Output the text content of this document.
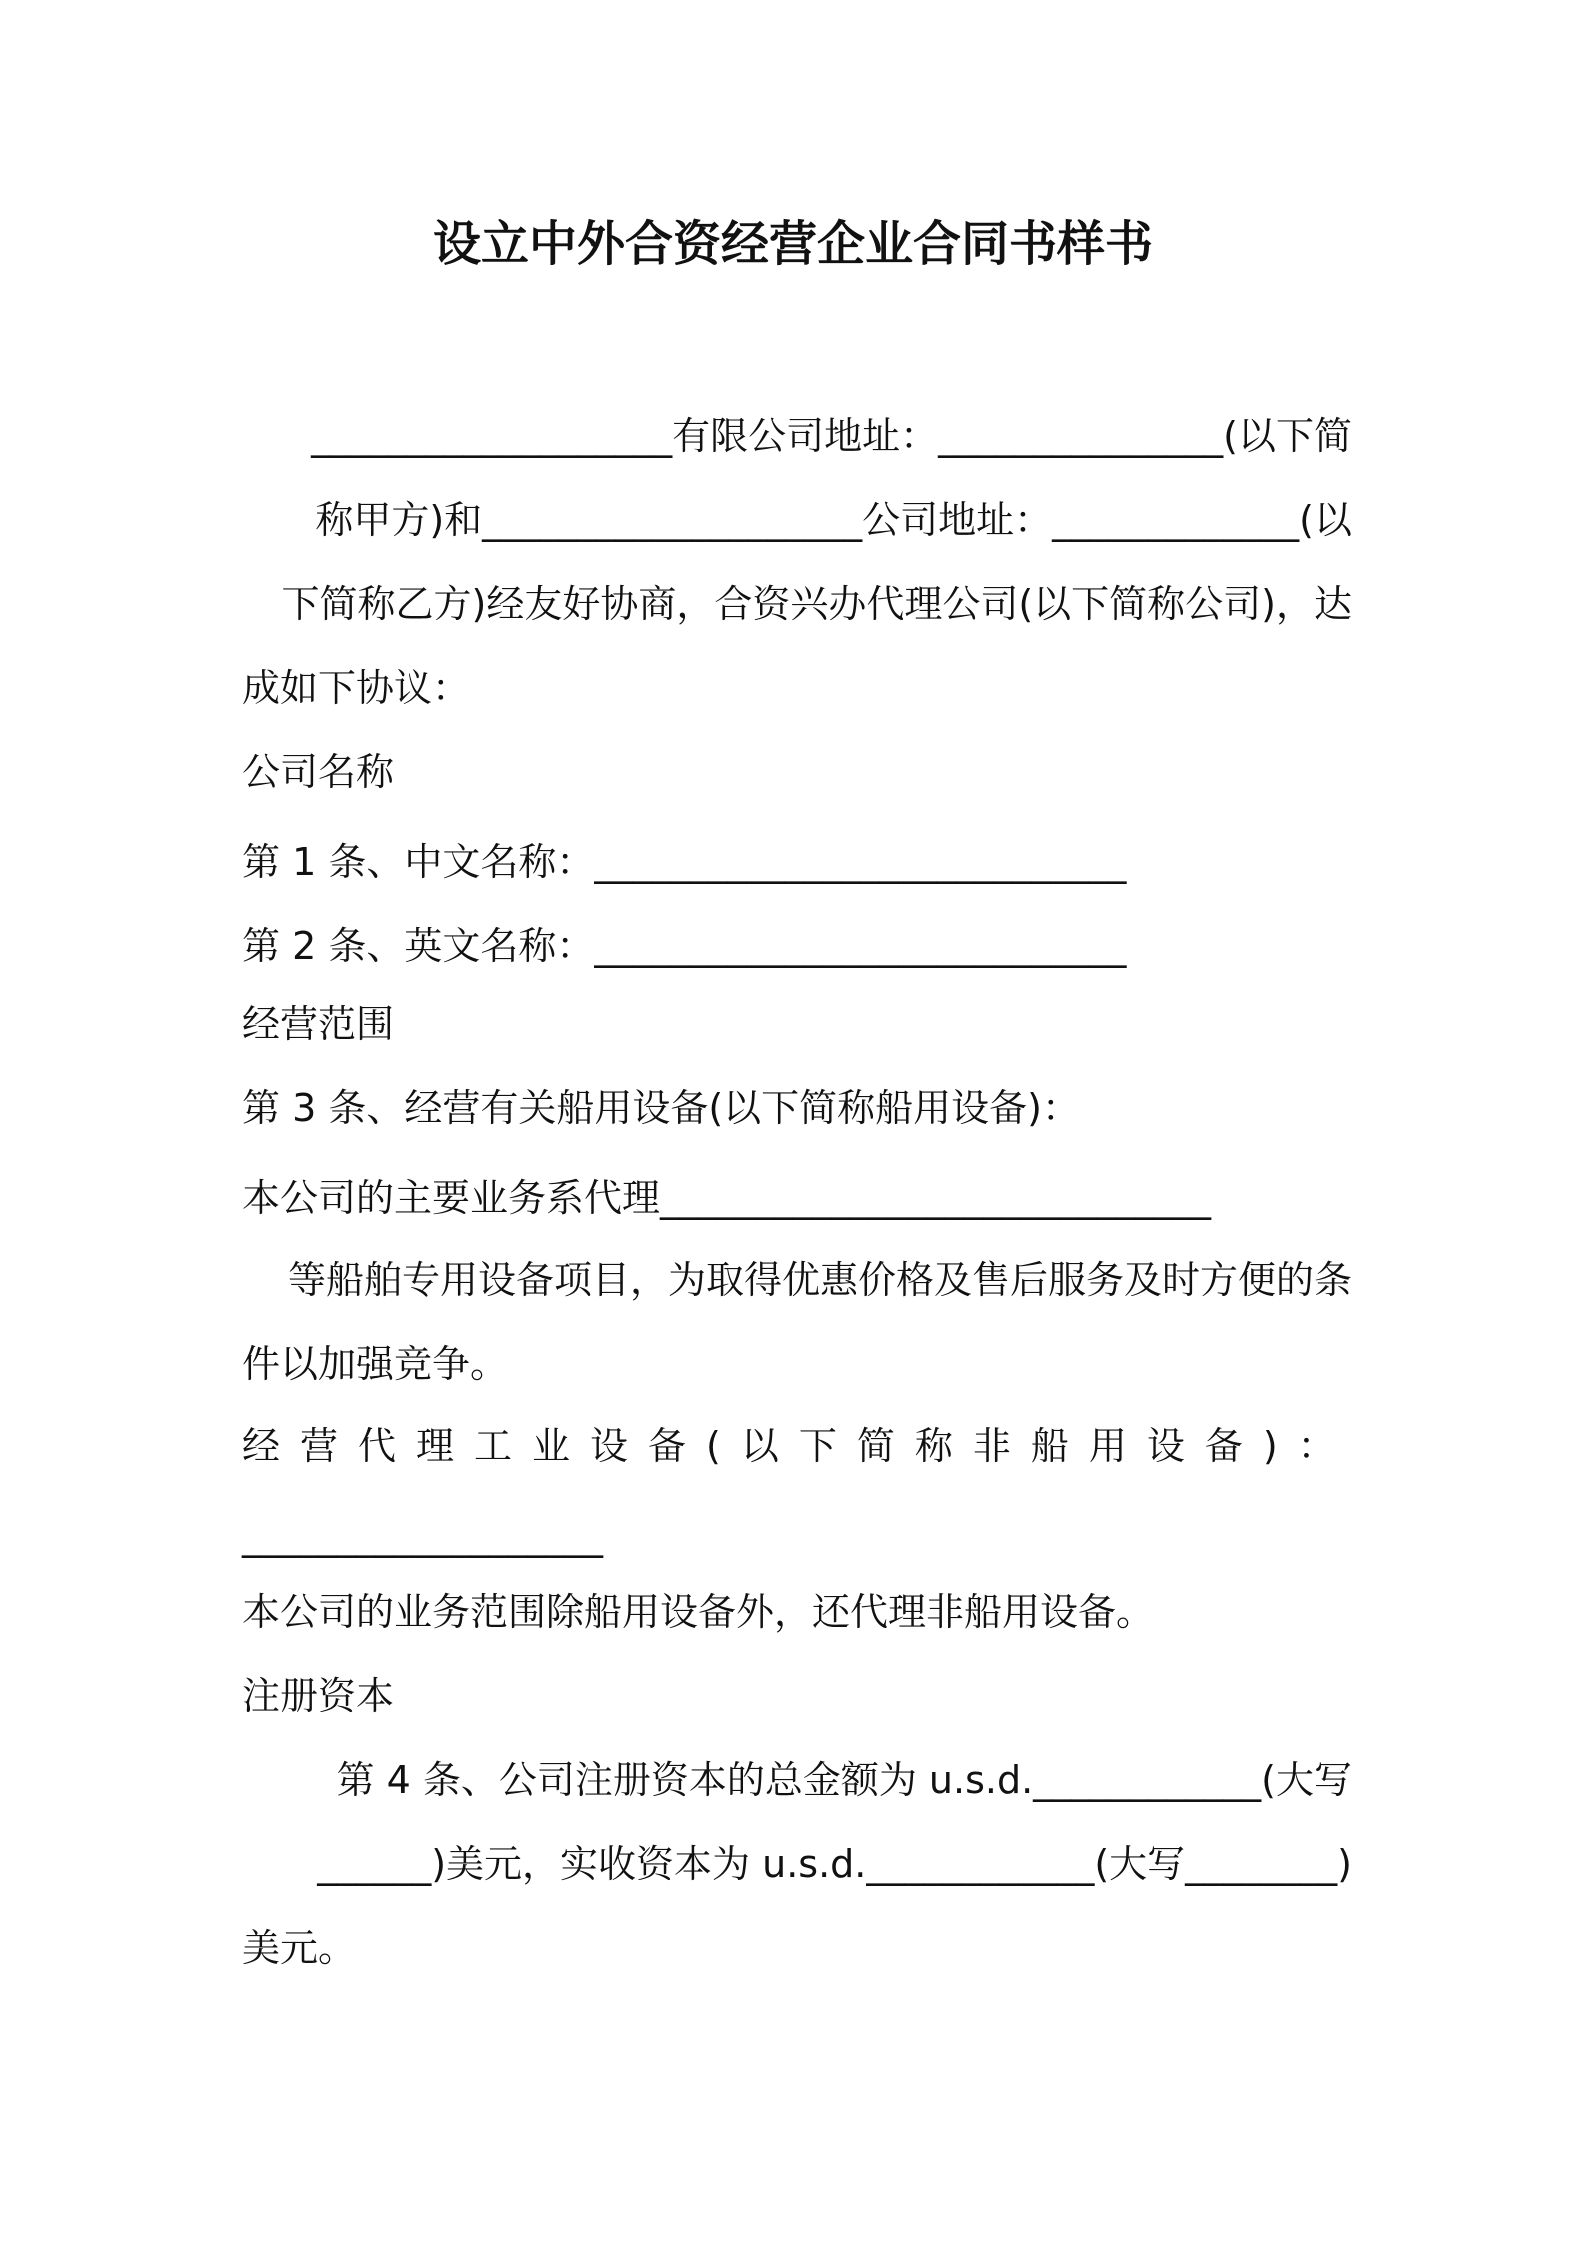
设立中外合资经营企业合同书样书
___________________有限公司地址：_______________(以下简
称甲方)和____________________公司地址：_____________(以
下简称乙方)经友好协商，合资兴办代理公司(以下简称公司)，达
成如下协议：
公司名称
第 1 条、中文名称：____________________________
第 2 条、英文名称：____________________________
经营范围
第 3 条、经营有关船用设备(以下简称船用设备)：
本公司的主要业务系代理_____________________________
等船舶专用设备项目，为取得优惠价格及售后服务及时方便的条
件以加强竞争。
经营代理工业设备(以下简称非船用设备)：
___________________
本公司的业务范围除船用设备外，还代理非船用设备。
注册资本
第 4 条、公司注册资本的总金额为 u.s.d.____________(大写
______)美元，实收资本为 u.s.d.____________(大写________)
美元。
